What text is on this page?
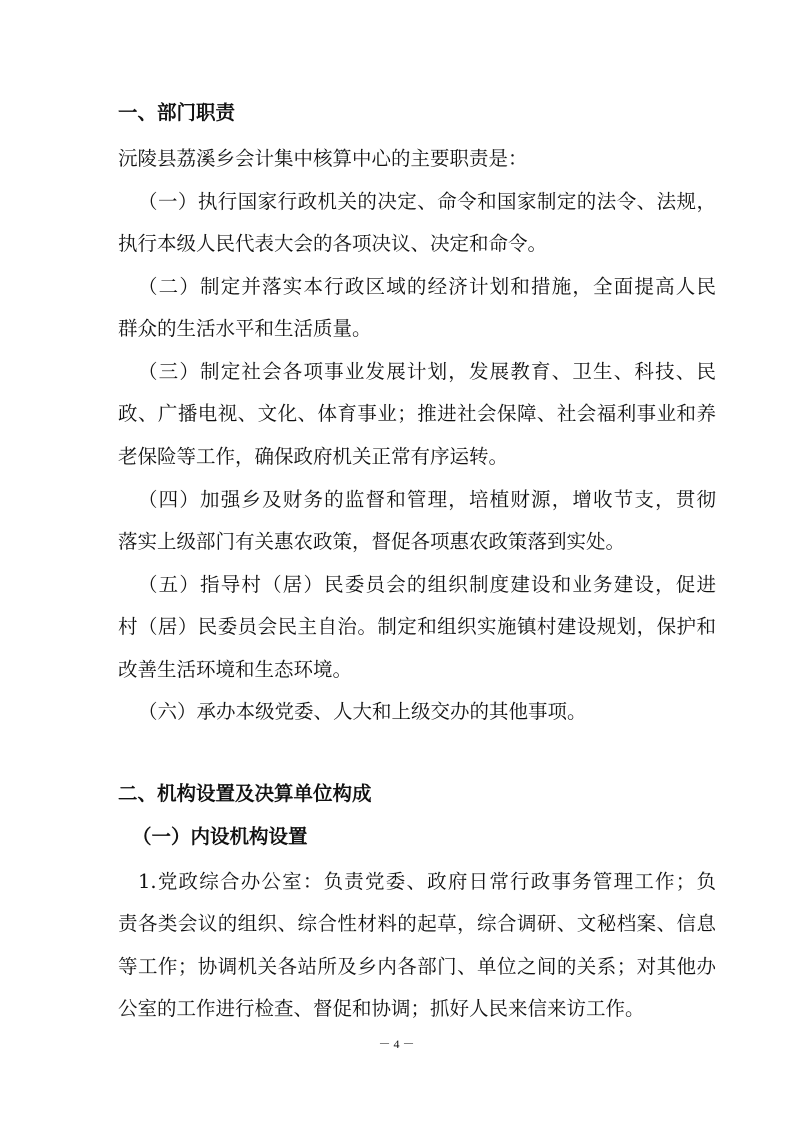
一、部门职责
沅陵县荔溪乡会计集中核算中心的主要职责是：
（一）执行国家行政机关的决定、命令和国家制定的法令、法规，
执行本级人民代表大会的各项决议、决定和命令。
（二）制定并落实本行政区域的经济计划和措施，全面提高人民
群众的生活水平和生活质量。
（三）制定社会各项事业发展计划，发展教育、卫生、科技、民
政、广播电视、文化、体育事业；推进社会保障、社会福利事业和养
老保险等工作，确保政府机关正常有序运转。
（四）加强乡及财务的监督和管理，培植财源，增收节支，贯彻
落实上级部门有关惠农政策，督促各项惠农政策落到实处。
（五）指导村（居）民委员会的组织制度建设和业务建设，促进
村（居）民委员会民主自治。制定和组织实施镇村建设规划，保护和
改善生活环境和生态环境。
（六）承办本级党委、人大和上级交办的其他事项。
二、机构设置及决算单位构成
（一）内设机构设置
1.党政综合办公室：负责党委、政府日常行政事务管理工作；负
责各类会议的组织、综合性材料的起草，综合调研、文秘档案、信息
等工作；协调机关各站所及乡内各部门、单位之间的关系；对其他办
公室的工作进行检查、督促和协调；抓好人民来信来访工作。
－ 4 －
